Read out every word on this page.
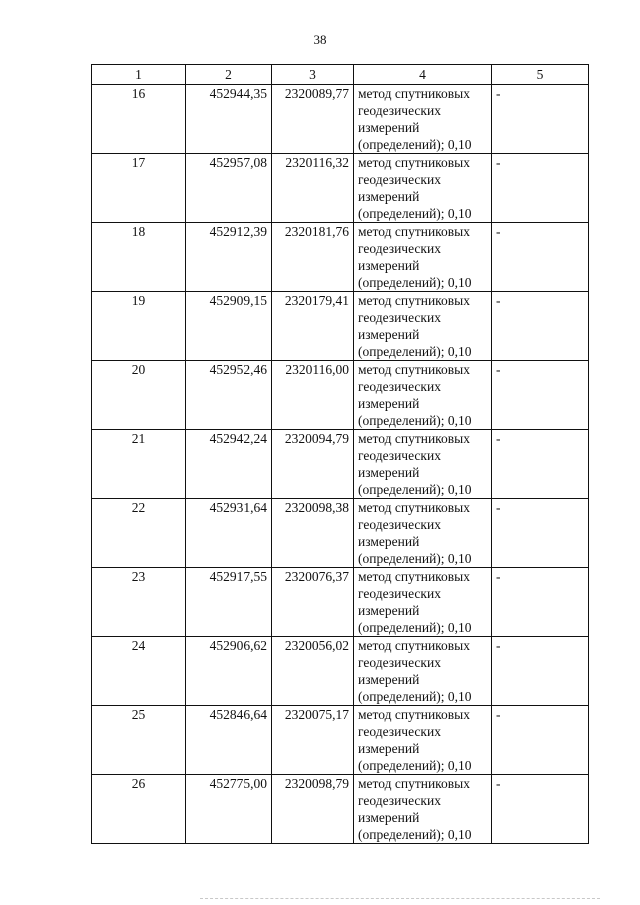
38
1	2	3	4	5
16	452944,35	2320089,77	метод спутниковых
геодезических
измерений
(определений); 0,10	-
17	452957,08	2320116,32	метод спутниковых
геодезических
измерений
(определений); 0,10	-
18	452912,39	2320181,76	метод спутниковых
геодезических
измерений
(определений); 0,10	-
19	452909,15	2320179,41	метод спутниковых
геодезических
измерений
(определений); 0,10	-
20	452952,46	2320116,00	метод спутниковых
геодезических
измерений
(определений); 0,10	-
21	452942,24	2320094,79	метод спутниковых
геодезических
измерений
(определений); 0,10	-
22	452931,64	2320098,38	метод спутниковых
геодезических
измерений
(определений); 0,10	-
23	452917,55	2320076,37	метод спутниковых
геодезических
измерений
(определений); 0,10	-
24	452906,62	2320056,02	метод спутниковых
геодезических
измерений
(определений); 0,10	-
25	452846,64	2320075,17	метод спутниковых
геодезических
измерений
(определений); 0,10	-
26	452775,00	2320098,79	метод спутниковых
геодезических
измерений
(определений); 0,10	-
